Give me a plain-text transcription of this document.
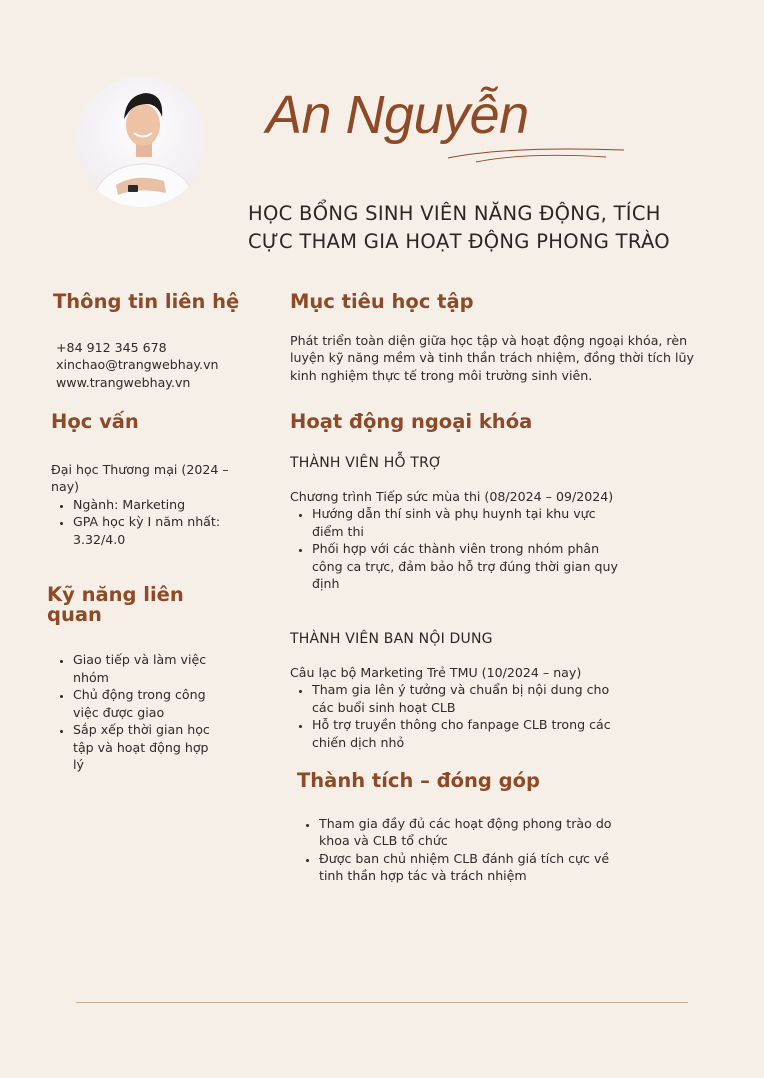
An Nguyễn
HỌC BỔNG SINH VIÊN NĂNG ĐỘNG, TÍCH
CỰC THAM GIA HOẠT ĐỘNG PHONG TRÀO
Thông tin liên hệ
+84 912 345 678
xinchao@trangwebhay.vn
www.trangwebhay.vn
Học vấn
Đại học Thương mại (2024 – nay)
• Ngành: Marketing
• GPA học kỳ I năm nhất: 3.32/4.0
Kỹ năng liên quan
• Giao tiếp và làm việc nhóm
• Chủ động trong công việc được giao
• Sắp xếp thời gian học tập và hoạt động hợp lý
Mục tiêu học tập
Phát triển toàn diện giữa học tập và hoạt động ngoại khóa, rèn luyện kỹ năng mềm và tinh thần trách nhiệm, đồng thời tích lũy kinh nghiệm thực tế trong môi trường sinh viên.
Hoạt động ngoại khóa
THÀNH VIÊN HỖ TRỢ
Chương trình Tiếp sức mùa thi (08/2024 – 09/2024)
• Hướng dẫn thí sinh và phụ huynh tại khu vực điểm thi
• Phối hợp với các thành viên trong nhóm phân công ca trực, đảm bảo hỗ trợ đúng thời gian quy định
THÀNH VIÊN BAN NỘI DUNG
Câu lạc bộ Marketing Trẻ TMU (10/2024 – nay)
• Tham gia lên ý tưởng và chuẩn bị nội dung cho các buổi sinh hoạt CLB
• Hỗ trợ truyền thông cho fanpage CLB trong các chiến dịch nhỏ
Thành tích – đóng góp
• Tham gia đầy đủ các hoạt động phong trào do khoa và CLB tổ chức
• Được ban chủ nhiệm CLB đánh giá tích cực về tinh thần hợp tác và trách nhiệm
